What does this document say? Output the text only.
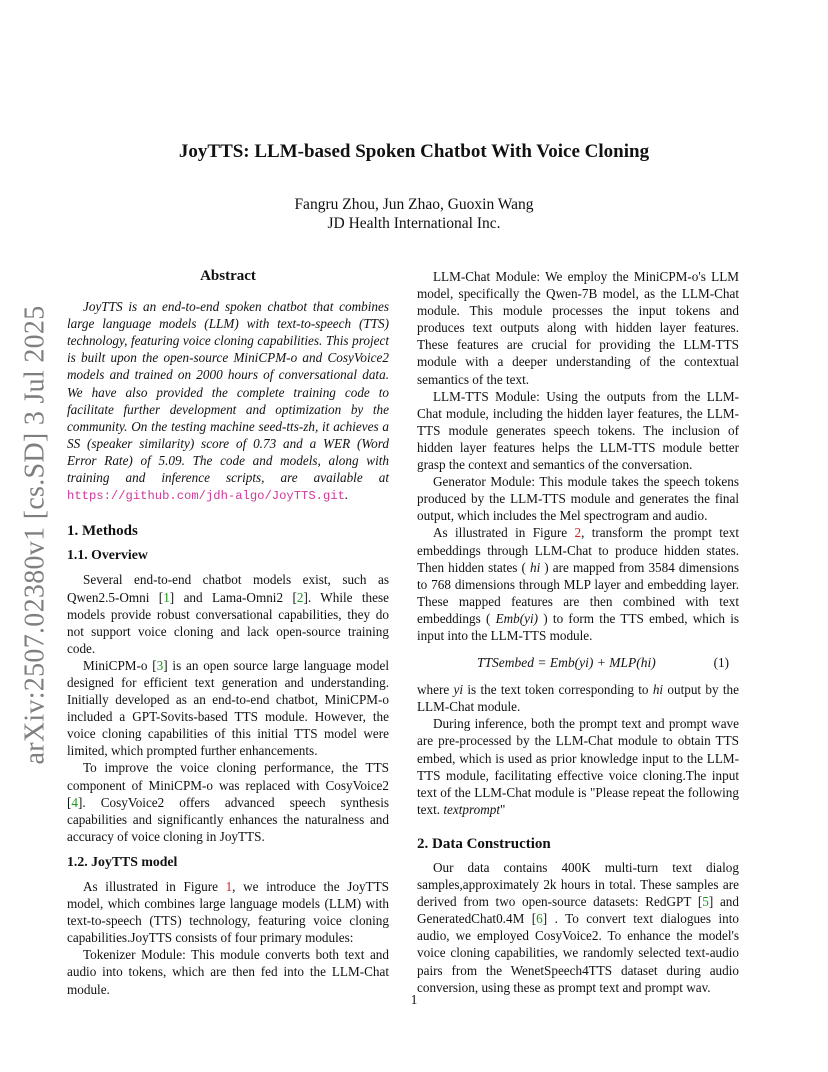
arXiv:2507.02380v1 [cs.SD] 3 Jul 2025
JoyTTS: LLM-based Spoken Chatbot With Voice Cloning
Fangru Zhou, Jun Zhao, Guoxin Wang
JD Health International Inc.
Abstract

JoyTTS is an end-to-end spoken chatbot that combines large language models (LLM) with text-to-speech (TTS) technology, featuring voice cloning capabilities. This project is built upon the open-source MiniCPM-o and CosyVoice2 models and trained on 2000 hours of conversational data. We have also provided the complete training code to facilitate further development and optimization by the community. On the testing machine seed-tts-zh, it achieves a SS (speaker similarity) score of 0.73 and a WER (Word Error Rate) of 5.09. The code and models, along with training and inference scripts, are available at https://github.com/jdh-algo/JoyTTS.git.

1. Methods
1.1. Overview

Several end-to-end chatbot models exist, such as Qwen2.5-Omni [1] and Lama-Omni2 [2]. While these models provide robust conversational capabilities, they do not support voice cloning and lack open-source training code.

MiniCPM-o [3] is an open source large language model designed for efficient text generation and understanding. Initially developed as an end-to-end chatbot, MiniCPM-o included a GPT-Sovits-based TTS module. However, the voice cloning capabilities of this initial TTS model were limited, which prompted further enhancements.

To improve the voice cloning performance, the TTS component of MiniCPM-o was replaced with CosyVoice2 [4]. CosyVoice2 offers advanced speech synthesis capabilities and significantly enhances the naturalness and accuracy of voice cloning in JoyTTS.

1.2. JoyTTS model

As illustrated in Figure 1, we introduce the JoyTTS model, which combines large language models (LLM) with text-to-speech (TTS) technology, featuring voice cloning capabilities.JoyTTS consists of four primary modules:

Tokenizer Module: This module converts both text and audio into tokens, which are then fed into the LLM-Chat module.

LLM-Chat Module: We employ the MiniCPM-o's LLM model, specifically the Qwen-7B model, as the LLM-Chat module. This module processes the input tokens and produces text outputs along with hidden layer features. These features are crucial for providing the LLM-TTS module with a deeper understanding of the contextual semantics of the text.

LLM-TTS Module: Using the outputs from the LLM-Chat module, including the hidden layer features, the LLM-TTS module generates speech tokens. The inclusion of hidden layer features helps the LLM-TTS module better grasp the context and semantics of the conversation.

Generator Module: This module takes the speech tokens produced by the LLM-TTS module and generates the final output, which includes the Mel spectrogram and audio.

As illustrated in Figure 2, transform the prompt text embeddings through LLM-Chat to produce hidden states. Then hidden states ( hi ) are mapped from 3584 dimensions to 768 dimensions through MLP layer and embedding layer. These mapped features are then combined with text embeddings ( Emb(yi) ) to form the TTS embed, which is input into the LLM-TTS module.

TTSembed = Emb(yi) + MLP(hi)	(1)

where yi is the text token corresponding to hi output by the LLM-Chat module.

During inference, both the prompt text and prompt wave are pre-processed by the LLM-Chat module to obtain TTS embed, which is used as prior knowledge input to the LLM-TTS module, facilitating effective voice cloning.The input text of the LLM-Chat module is "Please repeat the following text. textprompt"

2. Data Construction

Our data contains 400K multi-turn text dialog samples,approximately 2k hours in total. These samples are derived from two open-source datasets: RedGPT [5] and GeneratedChat0.4M [6] . To convert text dialogues into audio, we employed CosyVoice2. To enhance the model's voice cloning capabilities, we randomly selected text-audio pairs from the WenetSpeech4TTS dataset during audio conversion, using these as prompt text and prompt wav.

1
